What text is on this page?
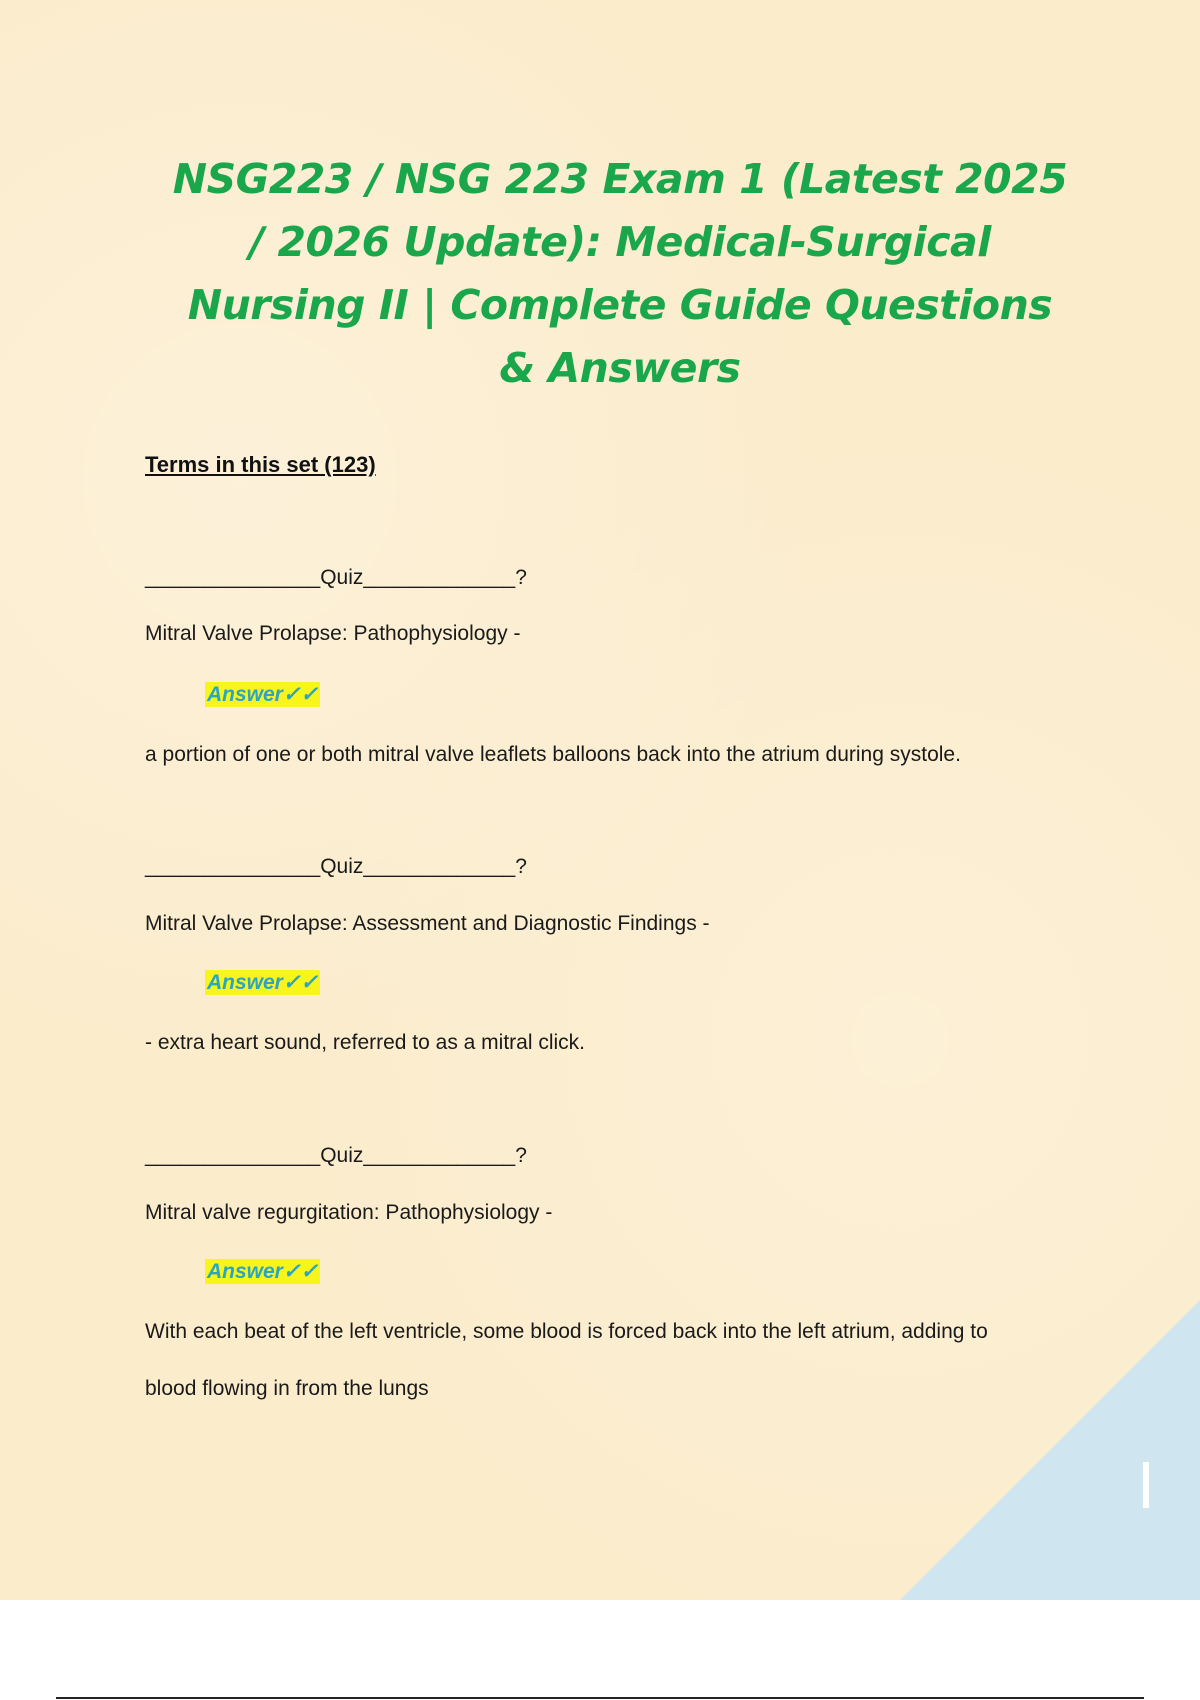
NSG223 / NSG 223 Exam 1 (Latest 2025
/ 2026 Update): Medical-Surgical
Nursing II | Complete Guide Questions
& Answers

Terms in this set (123)

_______________Quiz_____________?

Mitral Valve Prolapse: Pathophysiology -

Answer✓✓

a portion of one or both mitral valve leaflets balloons back into the atrium during systole.

_______________Quiz_____________?

Mitral Valve Prolapse: Assessment and Diagnostic Findings -

Answer✓✓

- extra heart sound, referred to as a mitral click.

_______________Quiz_____________?

Mitral valve regurgitation: Pathophysiology -

Answer✓✓

With each beat of the left ventricle, some blood is forced back into the left atrium, adding to

blood flowing in from the lungs
